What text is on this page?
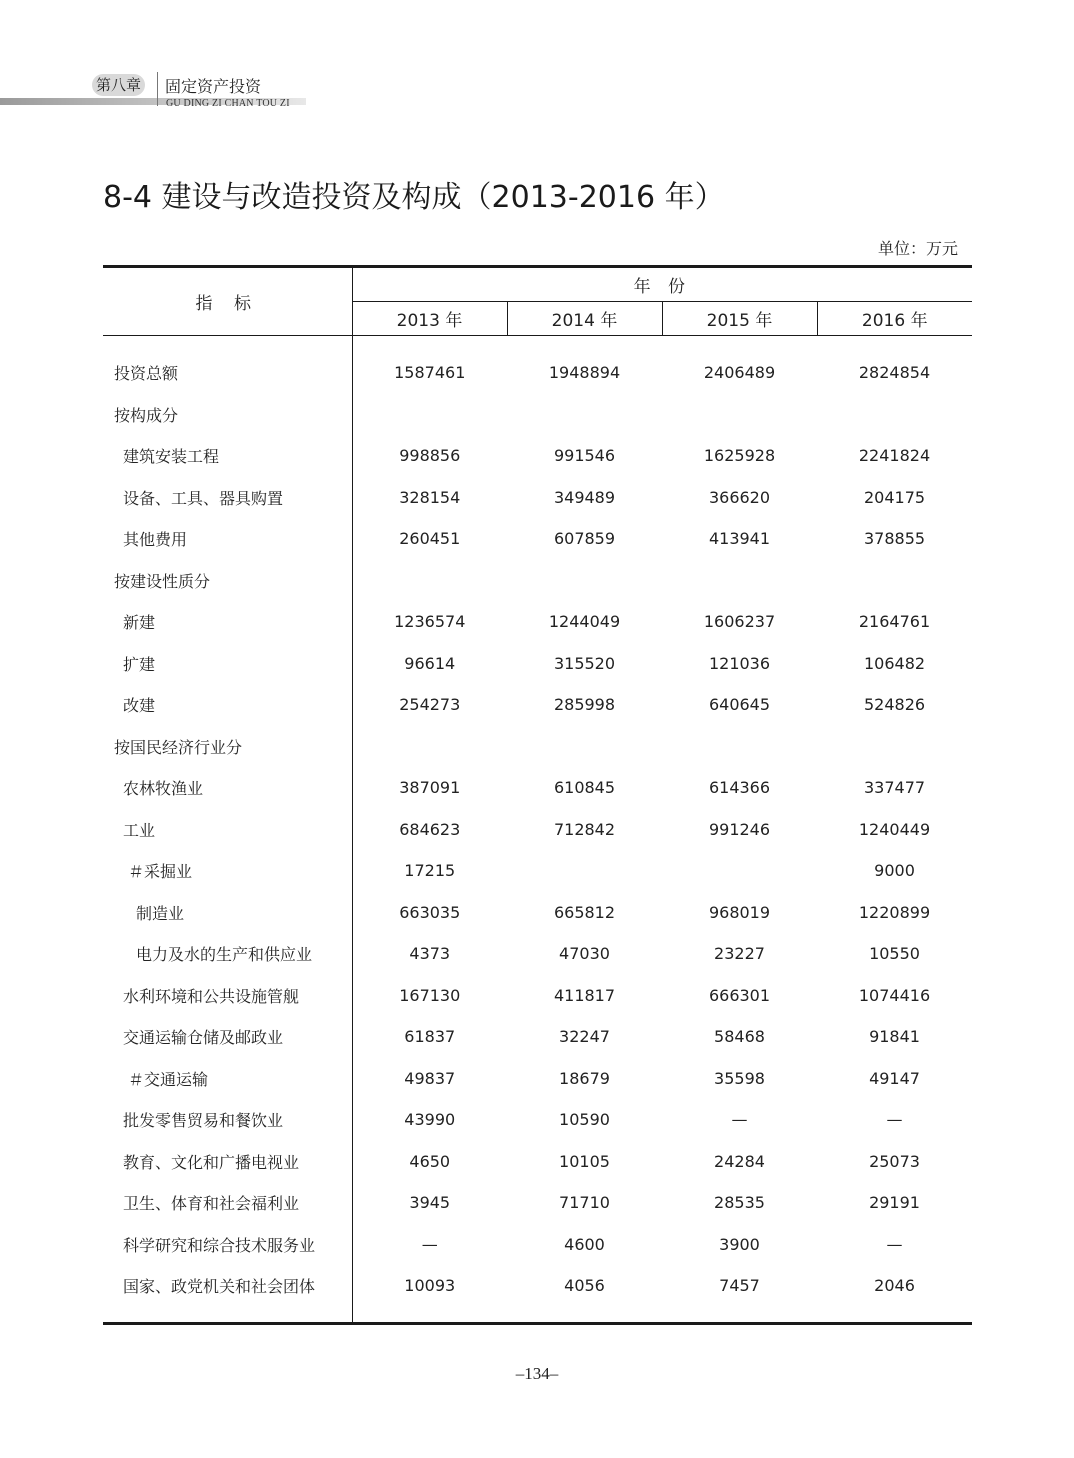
第八章 固定资产投资
GU DING ZI CHAN TOU ZI
8-4 建设与改造投资及构成（2013-2016 年）
单位：万元
指 标	年 份			
	2013 年	2014 年	2015 年	2016 年
投资总额	1587461	1948894	2406489	2824854
按构成分				
建筑安装工程	998856	991546	1625928	2241824
设备、工具、器具购置	328154	349489	366620	204175
其他费用	260451	607859	413941	378855
按建设性质分				
新建	1236574	1244049	1606237	2164761
扩建	96614	315520	121036	106482
改建	254273	285998	640645	524826
按国民经济行业分				
农林牧渔业	387091	610845	614366	337477
工业	684623	712842	991246	1240449
＃采掘业	17215			9000
制造业	663035	665812	968019	1220899
电力及水的生产和供应业	4373	47030	23227	10550
水利环境和公共设施管舰	167130	411817	666301	1074416
交通运输仓储及邮政业	61837	32247	58468	91841
＃交通运输	49837	18679	35598	49147
批发零售贸易和餐饮业	43990	10590	—	—
教育、文化和广播电视业	4650	10105	24284	25073
卫生、体育和社会福利业	3945	71710	28535	29191
科学研究和综合技术服务业	—	4600	3900	—
国家、政党机关和社会团体	10093	4056	7457	2046
–134–
